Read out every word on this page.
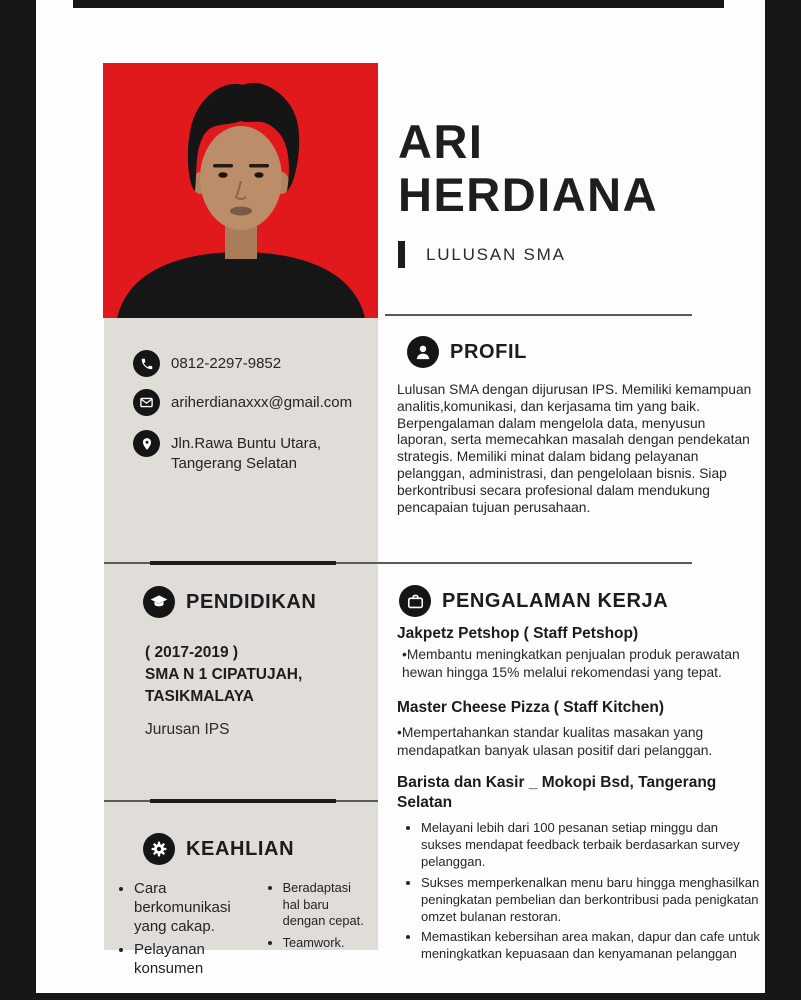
ARI
HERDIANA
LULUSAN SMA
0812-2297-9852
ariherdianaxxx@gmail.com
Jln.Rawa Buntu Utara,
Tangerang Selatan
PENDIDIKAN
( 2017-2019 )
SMA N 1 CIPATUJAH,
TASIKMALAYA
Jurusan IPS
KEAHLIAN
• Cara berkomunikasi yang cakap.
• Pelayanan konsumen
• Beradaptasi hal baru dengan cepat.
• Teamwork.
PROFIL

Lulusan SMA dengan dijurusan IPS. Memiliki kemampuan analitis,komunikasi, dan kerjasama tim yang baik. Berpengalaman dalam mengelola data, menyusun laporan, serta memecahkan masalah dengan pendekatan strategis. Memiliki minat dalam bidang pelayanan pelanggan, administrasi, dan pengelolaan bisnis. Siap berkontribusi secara profesional dalam mendukung pencapaian tujuan perusahaan.

PENGALAMAN KERJA
Jakpetz Petshop ( Staff Petshop)
•Membantu meningkatkan penjualan produk perawatan hewan hingga 15% melalui rekomendasi yang tepat.
Master Cheese Pizza ( Staff Kitchen)
•Mempertahankan standar kualitas masakan yang mendapatkan banyak ulasan positif dari pelanggan.
Barista dan Kasir _ Mokopi Bsd, Tangerang Selatan
• Melayani lebih dari 100 pesanan setiap minggu dan sukses mendapat feedback terbaik berdasarkan survey pelanggan.
• Sukses memperkenalkan menu baru hingga menghasilkan peningkatan pembelian dan berkontribusi pada penigkatan omzet bulanan restoran.
• Memastikan kebersihan area makan, dapur dan cafe untuk meningkatkan kepuasaan dan kenyamanan pelanggan
